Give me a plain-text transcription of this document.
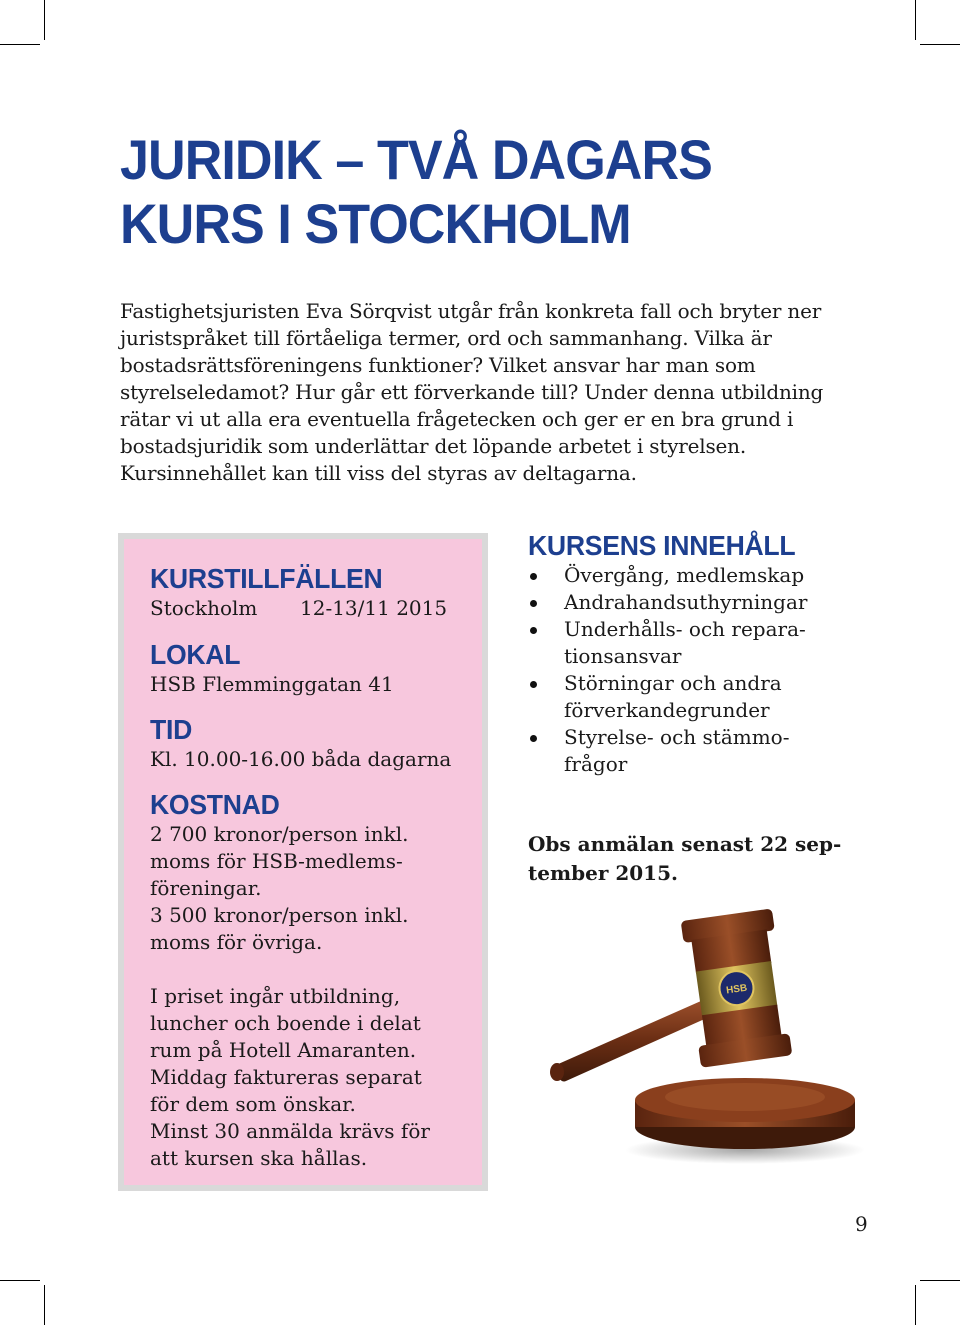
JURIDIK – TVÅ DAGARS
KURS I STOCKHOLM

Fastighetsjuristen Eva Sörqvist utgår från konkreta fall och bryter ner juristspråket till förtåeliga termer, ord och sammanhang. Vilka är bostadsrättsföreningens funktioner? Vilket ansvar har man som styrelseledamot? Hur går ett förverkande till? Under denna utbildning rätar vi ut alla era eventuella frågetecken och ger er en bra grund i bostadsjuridik som underlättar det löpande arbetet i styrelsen. Kursinnehållet kan till viss del styras av deltagarna.

KURSTILLFÄLLEN
Stockholm	12-13/11 2015
LOKAL

HSB Flemminggatan 41

TID

Kl. 10.00-16.00 båda dagarna

KOSTNAD

2 700 kronor/person inkl.
moms för HSB-medlems-
föreningar.
3 500 kronor/person inkl.
moms för övriga.

I priset ingår utbildning,
luncher och boende i delat
rum på Hotell Amaranten.
Middag faktureras separat
för dem som önskar.
Minst 30 anmälda krävs för
att kursen ska hållas.

KURSENS INNEHÅLL
Övergång, medlemskap
Andrahandsuthyrningar
Underhålls- och repara-
tionsansvar
Störningar och andra
förverkandegrunder
Styrelse- och stämmo-
frågor

Obs anmälan senast 22 sep-
tember 2015.

HSB
9
